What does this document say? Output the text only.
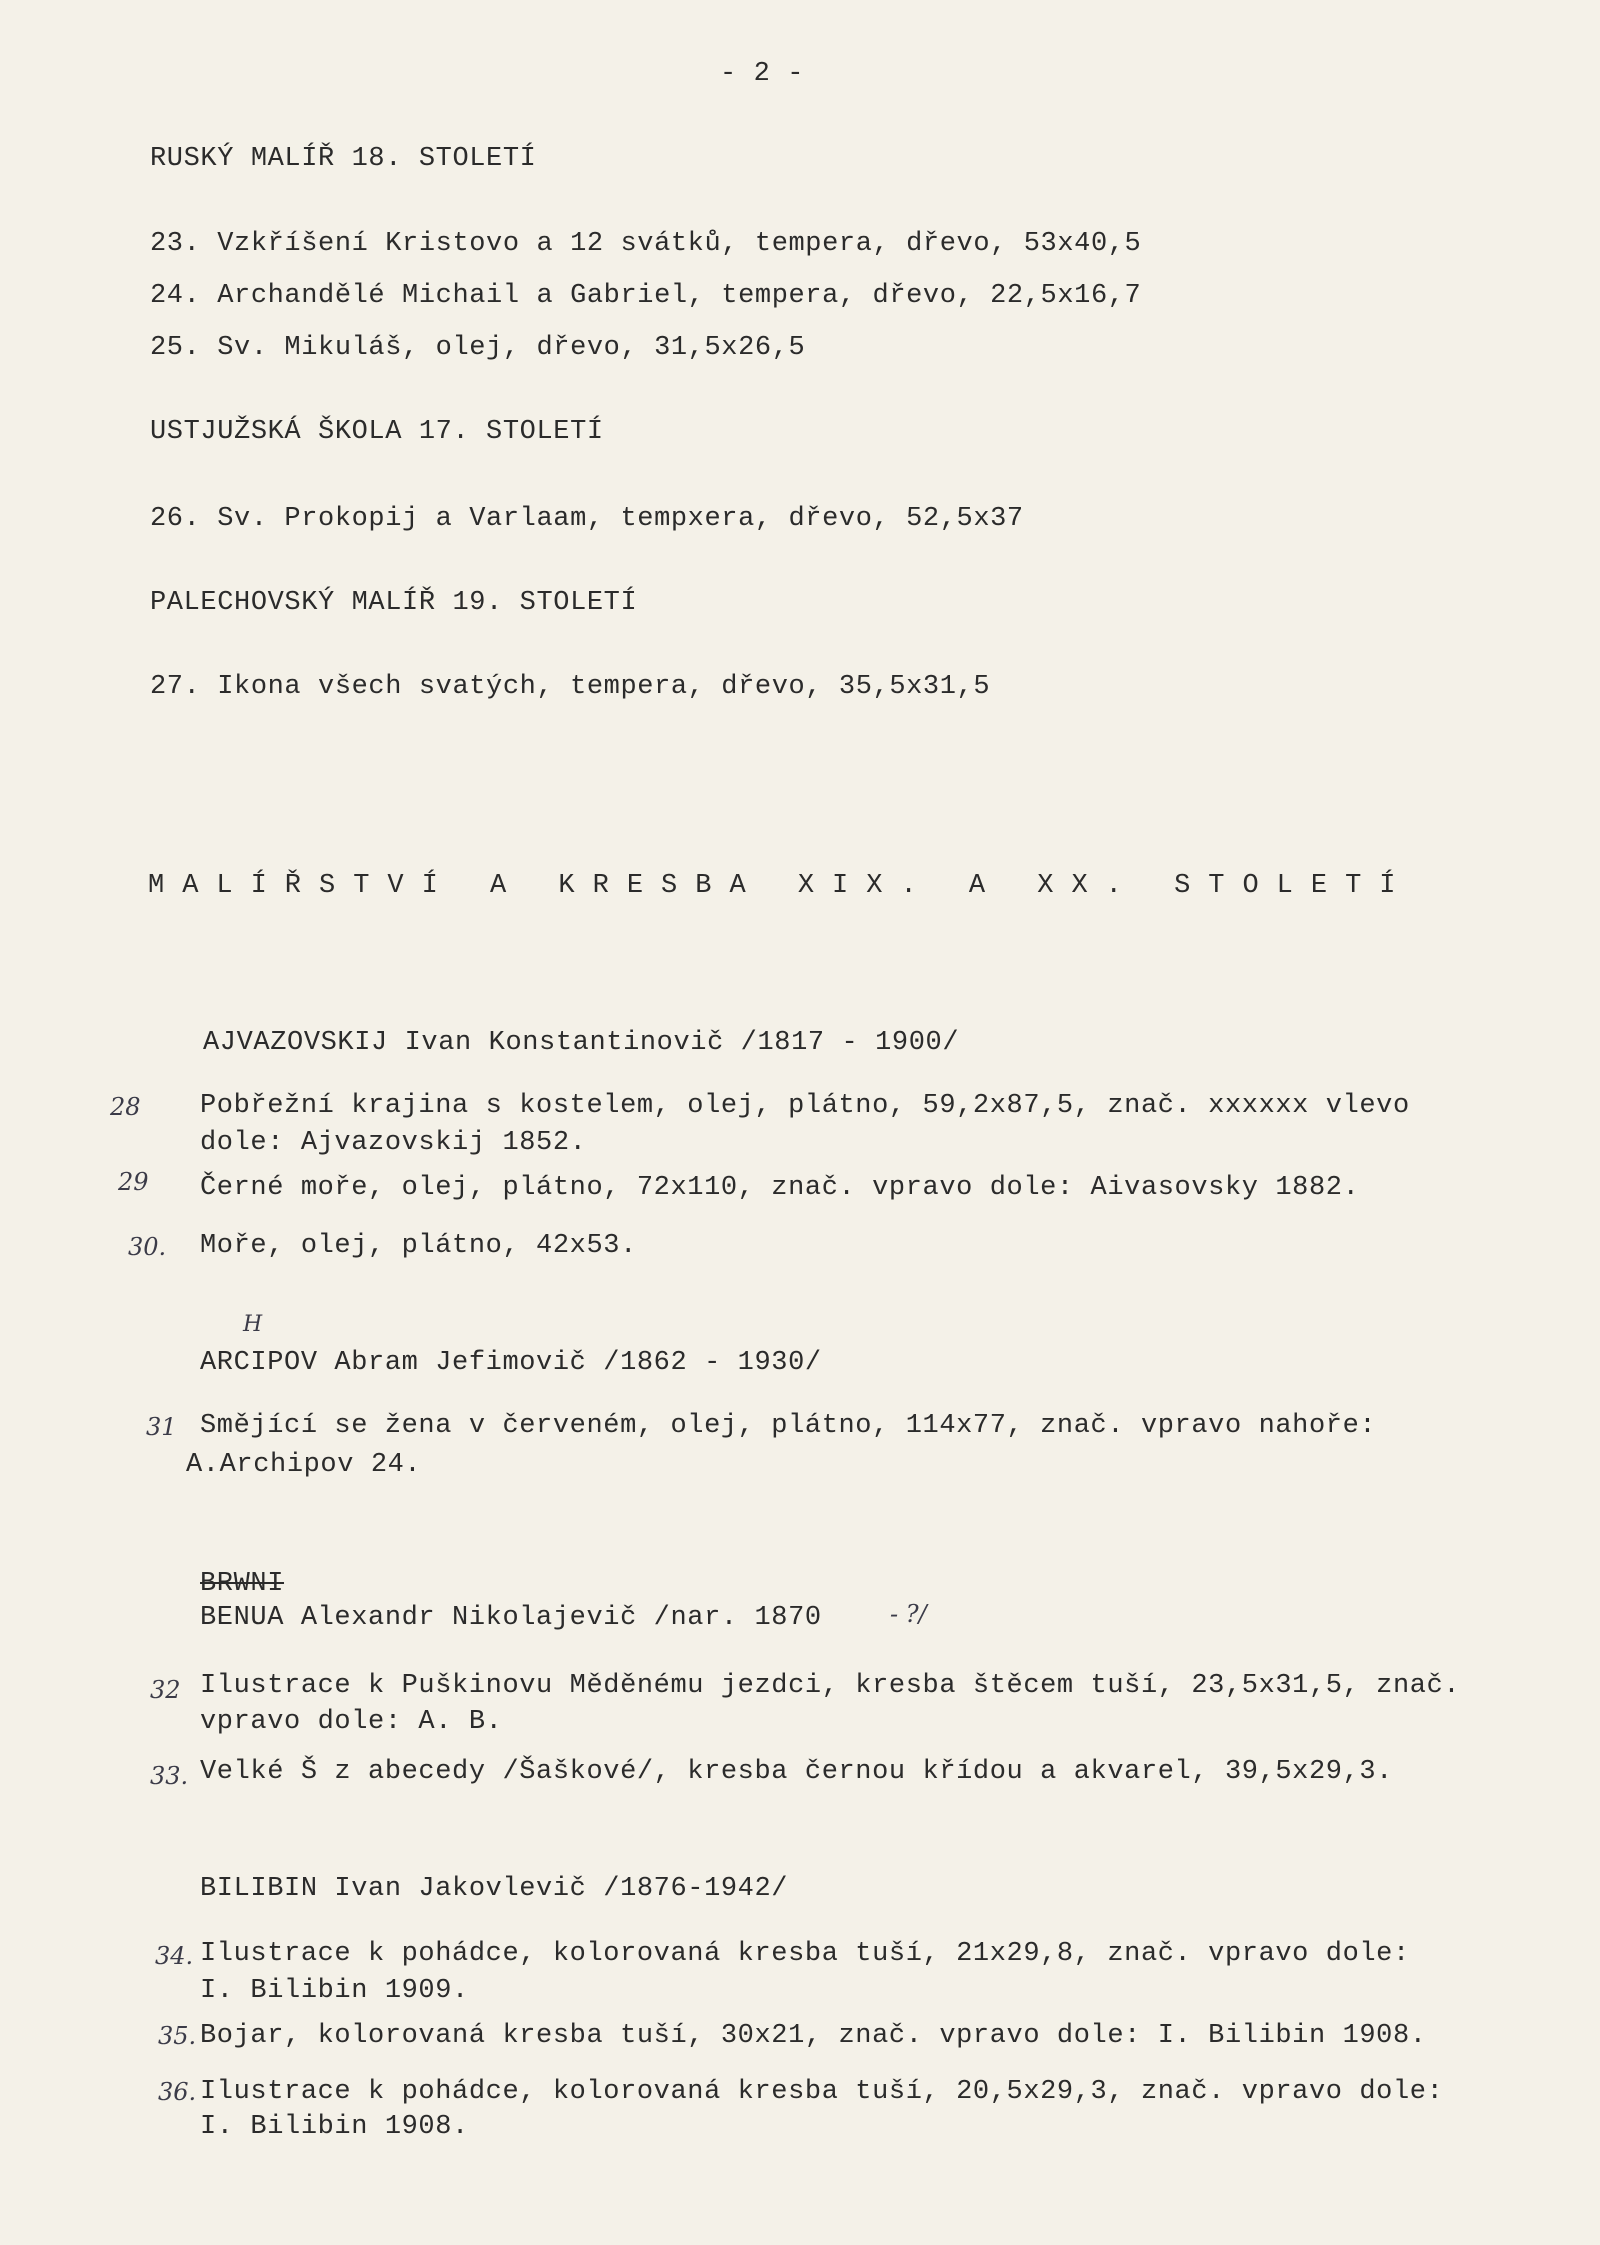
- 2 -
RUSKÝ MALÍŘ 18. STOLETÍ
23. Vzkříšení Kristovo a 12 svátků, tempera, dřevo, 53x40,5
24. Archandělé Michail a Gabriel, tempera, dřevo, 22,5x16,7
25. Sv. Mikuláš, olej, dřevo, 31,5x26,5
USTJUŽSKÁ ŠKOLA 17. STOLETÍ
26. Sv. Prokopij a Varlaam, tempxera, dřevo, 52,5x37
PALECHOVSKÝ MALÍŘ 19. STOLETÍ
27. Ikona všech svatých, tempera, dřevo, 35,5x31,5
MALÍŘSTVÍ A KRESBA XIX. A XX. STOLETÍ
AJVAZOVSKIJ Ivan Konstantinovič /1817 - 1900/
28 Pobřežní krajina s kostelem, olej, plátno, 59,2x87,5, znač. xxxxxx vlevo
dole: Ajvazovskij 1852.
29 Černé moře, olej, plátno, 72x110, znač. vpravo dole: Aivasovsky 1882.
30. Moře, olej, plátno, 42x53.
H
ARCIPOV Abram Jefimovič /1862 - 1930/
31 Smějící se žena v červeném, olej, plátno, 114x77, znač. vpravo nahoře:
A.Archipov 24.
BRWNI
BENUA Alexandr Nikolajevič /nar. 1870	- ?/
32 Ilustrace k Puškinovu Měděnému jezdci, kresba štěcem tuší, 23,5x31,5, znač.
vpravo dole: A. B.
33. Velké Š z abecedy /Šaškové/, kresba černou křídou a akvarel, 39,5x29,3.
BILIBIN Ivan Jakovlevič /1876-1942/
34. Ilustrace k pohádce, kolorovaná kresba tuší, 21x29,8, znač. vpravo dole:
I. Bilibin 1909.
35. Bojar, kolorovaná kresba tuší, 30x21, znač. vpravo dole: I. Bilibin 1908.
36. Ilustrace k pohádce, kolorovaná kresba tuší, 20,5x29,3, znač. vpravo dole:
I. Bilibin 1908.
